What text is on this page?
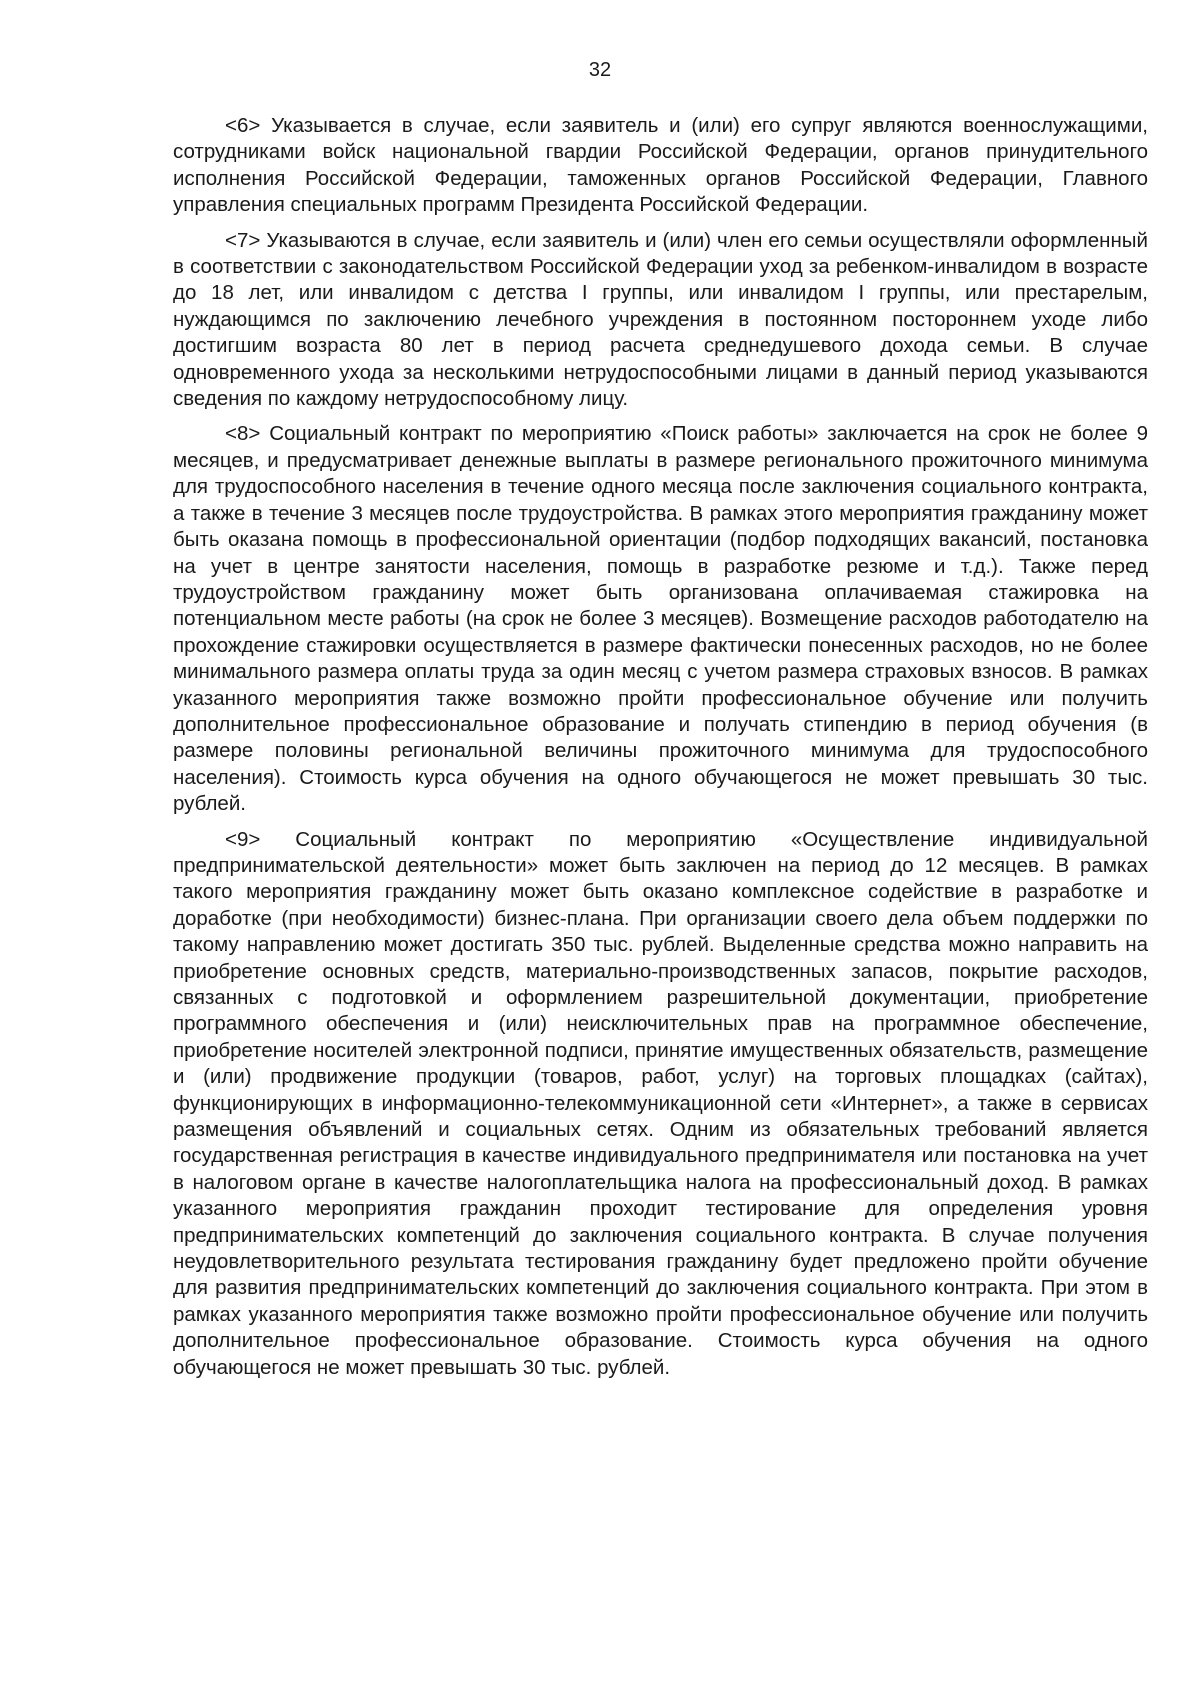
32

<6> Указывается в случае, если заявитель и (или) его супруг являются военнослужащими, сотрудниками войск национальной гвардии Российской Федерации, органов принудительного исполнения Российской Федерации, таможенных органов Российской Федерации, Главного управления специальных программ Президента Российской Федерации.

<7> Указываются в случае, если заявитель и (или) член его семьи осуществляли оформленный в соответствии с законодательством Российской Федерации уход за ребенком-инвалидом в возрасте до 18 лет, или инвалидом с детства I группы, или инвалидом I группы, или престарелым, нуждающимся по заключению лечебного учреждения в постоянном постороннем уходе либо достигшим возраста 80 лет в период расчета среднедушевого дохода семьи. В случае одновременного ухода за несколькими нетрудоспособными лицами в данный период указываются сведения по каждому нетрудоспособному лицу.

<8> Социальный контракт по мероприятию «Поиск работы» заключается на срок не более 9 месяцев, и предусматривает денежные выплаты в размере регионального прожиточного минимума для трудоспособного населения в течение одного месяца после заключения социального контракта, а также в течение 3 месяцев после трудоустройства. В рамках этого мероприятия гражданину может быть оказана помощь в профессиональной ориентации (подбор подходящих вакансий, постановка на учет в центре занятости населения, помощь в разработке резюме и т.д.). Также перед трудоустройством гражданину может быть организована оплачиваемая стажировка на потенциальном месте работы (на срок не более 3 месяцев). Возмещение расходов работодателю на прохождение стажировки осуществляется в размере фактически понесенных расходов, но не более минимального размера оплаты труда за один месяц с учетом размера страховых взносов. В рамках указанного мероприятия также возможно пройти профессиональное обучение или получить дополнительное профессиональное образование и получать стипендию в период обучения (в размере половины региональной величины прожиточного минимума для трудоспособного населения). Стоимость курса обучения на одного обучающегося не может превышать 30 тыс. рублей.

<9> Социальный контракт по мероприятию «Осуществление индивидуальной предпринимательской деятельности» может быть заключен на период до 12 месяцев. В рамках такого мероприятия гражданину может быть оказано комплексное содействие в разработке и доработке (при необходимости) бизнес-плана. При организации своего дела объем поддержки по такому направлению может достигать 350 тыс. рублей. Выделенные средства можно направить на приобретение основных средств, материально-производственных запасов, покрытие расходов, связанных с подготовкой и оформлением разрешительной документации, приобретение программного обеспечения и (или) неисключительных прав на программное обеспечение, приобретение носителей электронной подписи, принятие имущественных обязательств, размещение и (или) продвижение продукции (товаров, работ, услуг) на торговых площадках (сайтах), функционирующих в информационно-телекоммуникационной сети «Интернет», а также в сервисах размещения объявлений и социальных сетях. Одним из обязательных требований является государственная регистрация в качестве индивидуального предпринимателя или постановка на учет в налоговом органе в качестве налогоплательщика налога на профессиональный доход. В рамках указанного мероприятия гражданин проходит тестирование для определения уровня предпринимательских компетенций до заключения социального контракта. В случае получения неудовлетворительного результата тестирования гражданину будет предложено пройти обучение для развития предпринимательских компетенций до заключения социального контракта. При этом в рамках указанного мероприятия также возможно пройти профессиональное обучение или получить дополнительное профессиональное образование. Стоимость курса обучения на одного обучающегося не может превышать 30 тыс. рублей.
